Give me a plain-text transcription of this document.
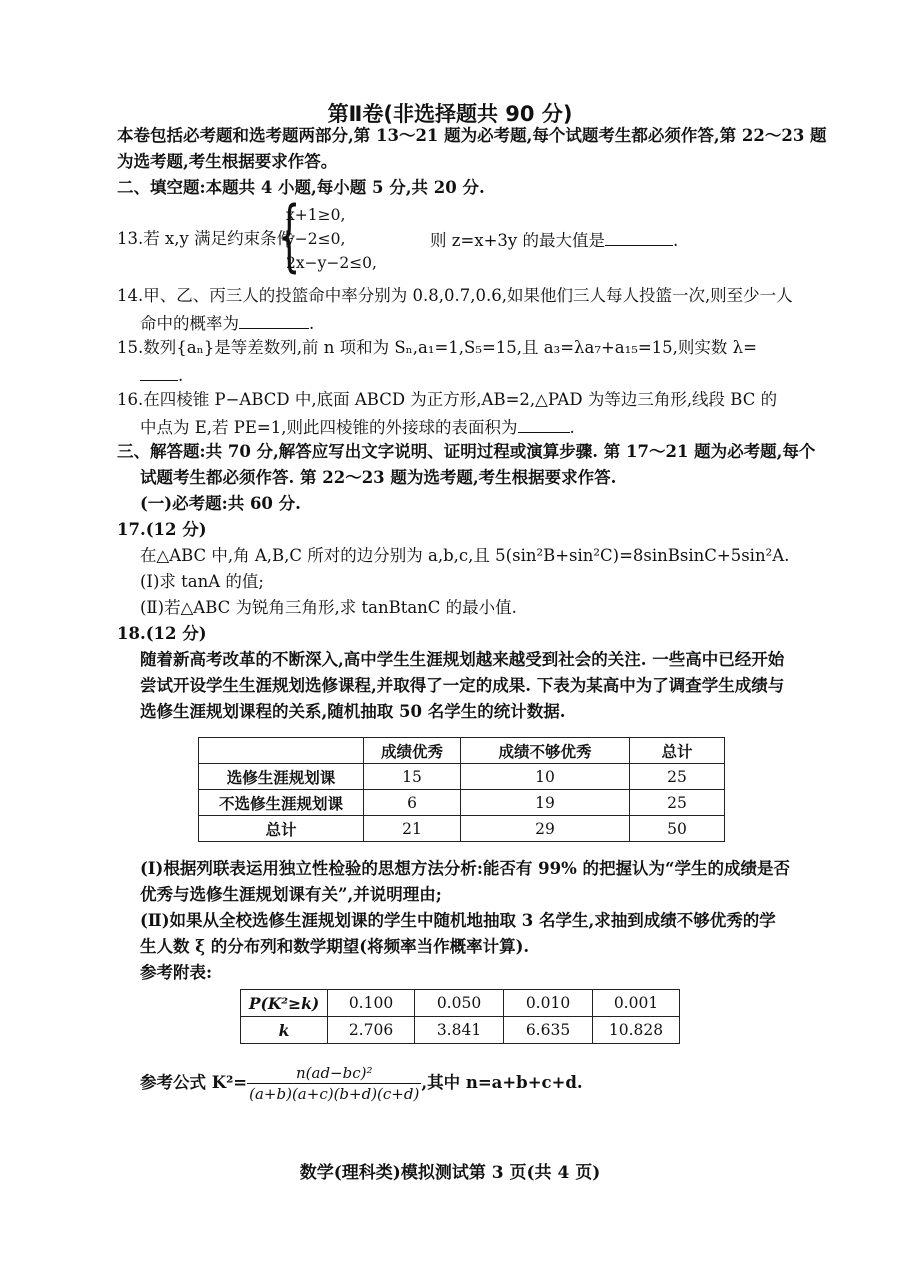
第Ⅱ卷(非选择题共 90 分)
本卷包括必考题和选考题两部分,第 13～21 题为必考题,每个试题考生都必须作答,第 22～23 题
为选考题,考生根据要求作答。
二、填空题:本题共 4 小题,每小题 5 分,共 20 分.
13.若 x,y 满足约束条件
{
x+1≥0,
y−2≤0,
2x−y−2≤0,
则 z=x+3y 的最大值是	.
14.甲、乙、丙三人的投篮命中率分别为 0.8,0.7,0.6,如果他们三人每人投篮一次,则至少一人
命中的概率为	.
15.数列{aₙ}是等差数列,前 n 项和为 Sₙ,a₁=1,S₅=15,且 a₃=λa₇+a₁₅=15,则实数 λ=
.
16.在四棱锥 P−ABCD 中,底面 ABCD 为正方形,AB=2,△PAD 为等边三角形,线段 BC 的
中点为 E,若 PE=1,则此四棱锥的外接球的表面积为	.
三、解答题:共 70 分,解答应写出文字说明、证明过程或演算步骤. 第 17～21 题为必考题,每个
试题考生都必须作答. 第 22～23 题为选考题,考生根据要求作答.
(一)必考题:共 60 分.
17.(12 分)
在△ABC 中,角 A,B,C 所对的边分别为 a,b,c,且 5(sin²B+sin²C)=8sinBsinC+5sin²A.
(Ⅰ)求 tanA 的值;
(Ⅱ)若△ABC 为锐角三角形,求 tanBtanC 的最小值.
18.(12 分)
随着新高考改革的不断深入,高中学生生涯规划越来越受到社会的关注. 一些高中已经开始
尝试开设学生生涯规划选修课程,并取得了一定的成果. 下表为某高中为了调查学生成绩与
选修生涯规划课程的关系,随机抽取 50 名学生的统计数据.
	成绩优秀	成绩不够优秀	总计
选修生涯规划课	15	10	25
不选修生涯规划课	6	19	25
总计	21	29	50
(Ⅰ)根据列联表运用独立性检验的思想方法分析:能否有 99% 的把握认为“学生的成绩是否
优秀与选修生涯规划课有关”,并说明理由;
(Ⅱ)如果从全校选修生涯规划课的学生中随机地抽取 3 名学生,求抽到成绩不够优秀的学
生人数 ξ 的分布列和数学期望(将频率当作概率计算).
参考附表:
P(K²≥k)	0.100	0.050	0.010	0.001
k	2.706	3.841	6.635	10.828
参考公式 $K^2= \frac{\text{n(ad−bc)²}}{(a+b)(a+c)(b+d)(c+d)}$ ,其中 n=a+b+c+d.
数学(理科类)模拟测试第 3 页(共 4 页)
